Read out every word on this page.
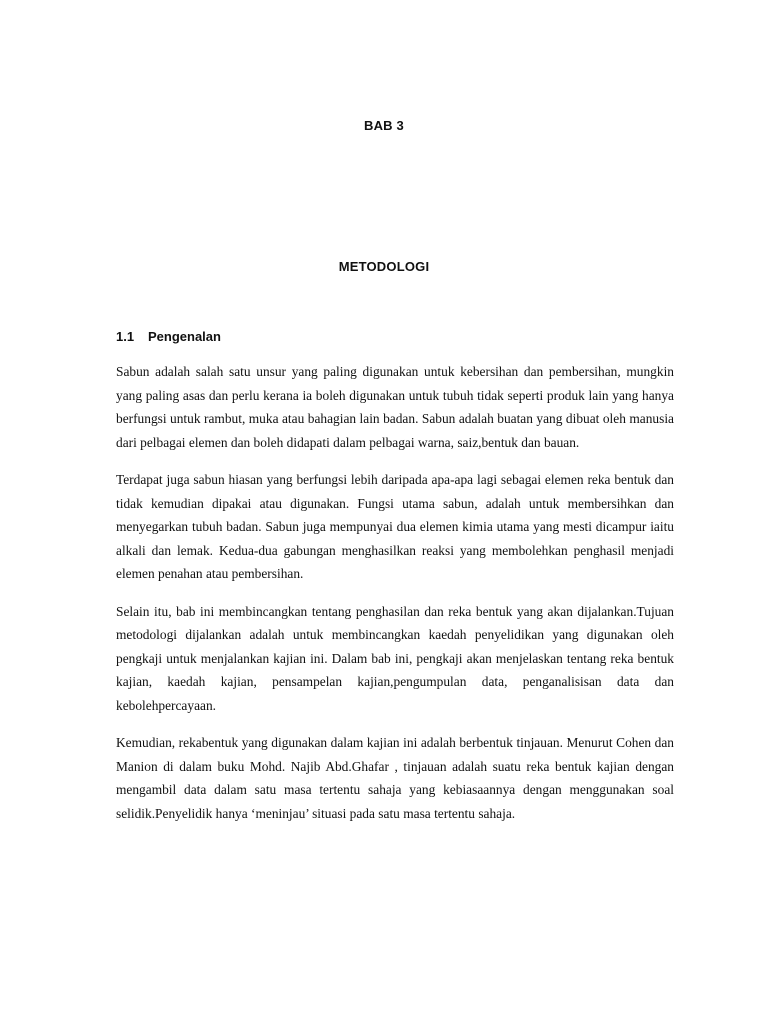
BAB 3
METODOLOGI
1.1 Pengenalan

Sabun adalah salah satu unsur yang paling digunakan untuk kebersihan dan pembersihan, mungkin yang paling asas dan perlu kerana ia boleh digunakan untuk tubuh tidak seperti produk lain yang hanya berfungsi untuk rambut, muka atau bahagian lain badan. Sabun adalah buatan yang dibuat oleh manusia dari pelbagai elemen dan boleh didapati dalam pelbagai warna, saiz,bentuk dan bauan.

Terdapat juga sabun hiasan yang berfungsi lebih daripada apa-apa lagi sebagai elemen reka bentuk dan tidak kemudian dipakai atau digunakan. Fungsi utama sabun, adalah untuk membersihkan dan menyegarkan tubuh badan. Sabun juga mempunyai dua elemen kimia utama yang mesti dicampur iaitu alkali dan lemak. Kedua-dua gabungan menghasilkan reaksi yang membolehkan penghasil menjadi elemen penahan atau pembersihan.

Selain itu, bab ini membincangkan tentang penghasilan dan reka bentuk yang akan dijalankan.Tujuan metodologi dijalankan adalah untuk membincangkan kaedah penyelidikan yang digunakan oleh pengkaji untuk menjalankan kajian ini. Dalam bab ini, pengkaji akan menjelaskan tentang reka bentuk kajian, kaedah kajian, pensampelan kajian,pengumpulan data, penganalisisan data dan kebolehpercayaan.

Kemudian, rekabentuk yang digunakan dalam kajian ini adalah berbentuk tinjauan. Menurut Cohen dan Manion di dalam buku Mohd. Najib Abd.Ghafar , tinjauan adalah suatu reka bentuk kajian dengan mengambil data dalam satu masa tertentu sahaja yang kebiasaannya dengan menggunakan soal selidik.Penyelidik hanya ‘meninjau’ situasi pada satu masa tertentu sahaja.
